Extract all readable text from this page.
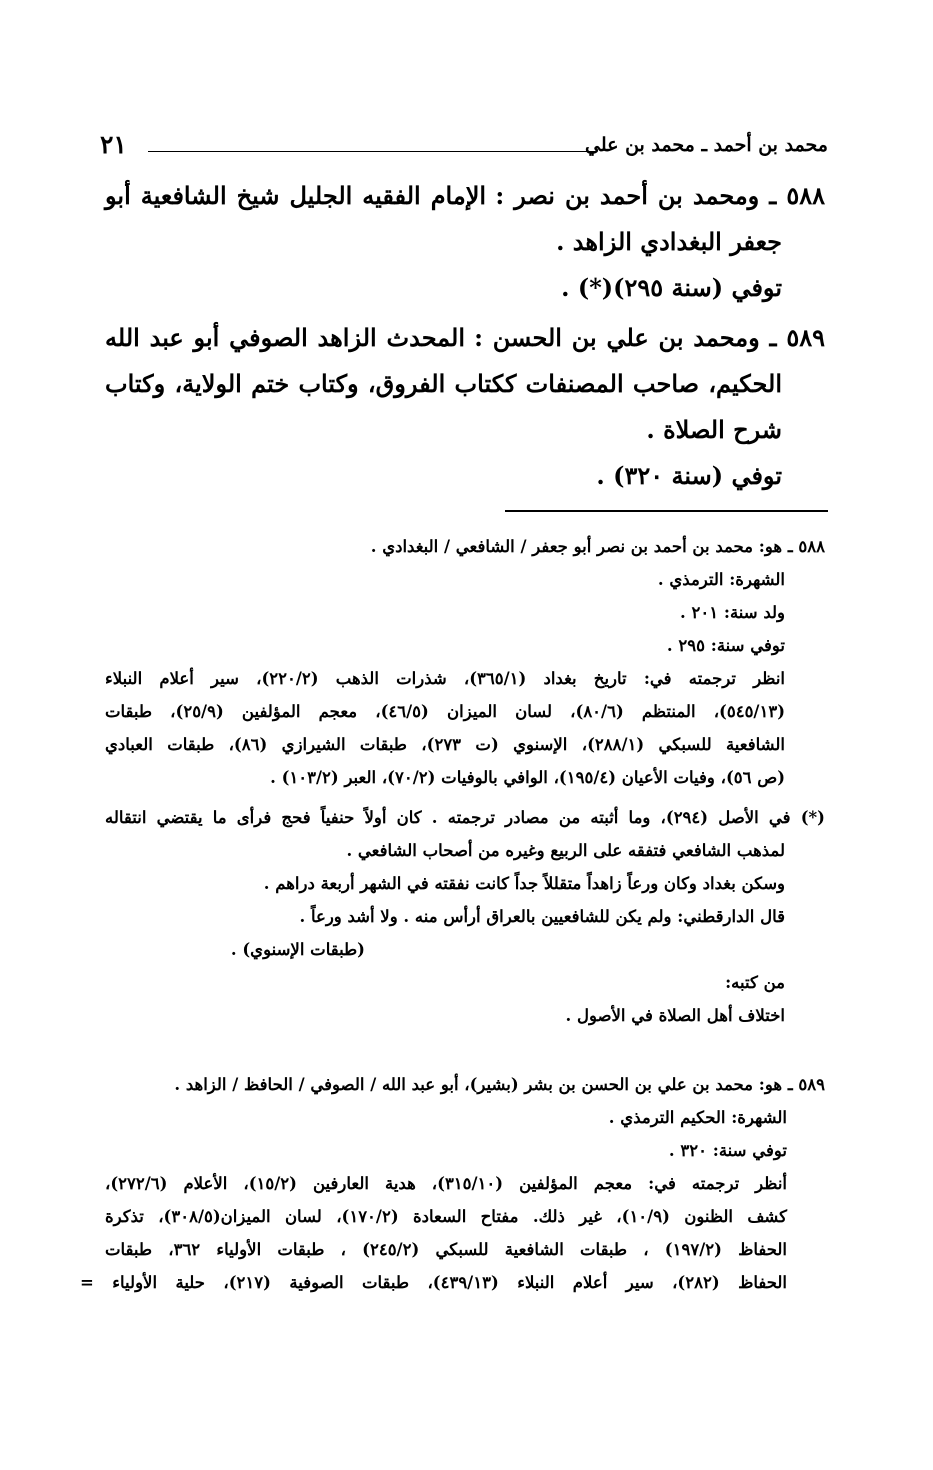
محمد بن أحمد ـ محمد بن علي
٢١
٥٨٨ ـ ومحمد بن أحمد بن نصر : الإمام الفقيه الجليل شيخ الشافعية أبو
جعفر البغدادي الزاهد .
توفي (سنة ٢٩٥)(*) .
٥٨٩ ـ ومحمد بن علي بن الحسن : المحدث الزاهد الصوفي أبو عبد الله
الحكيم، صاحب المصنفات ككتاب الفروق، وكتاب ختم الولاية، وكتاب
شرح الصلاة .
توفي (سنة ٣٢٠) .
٥٨٨ ـ هو: محمد بن أحمد بن نصر أبو جعفر / الشافعي / البغدادي .
الشهرة: الترمذي .
ولد سنة: ٢٠١ .
توفي سنة: ٢٩٥ .
انظر ترجمته في: تاريخ بغداد (٣٦٥/١)، شذرات الذهب (٢٢٠/٢)، سير أعلام النبلاء
(٥٤٥/١٣)، المنتظم (٨٠/٦)، لسان الميزان (٤٦/٥)، معجم المؤلفين (٢٥/٩)، طبقات
الشافعية للسبكي (٢٨٨/١)، الإسنوي (ت ٢٧٣)، طبقات الشيرازي (٨٦)، طبقات العبادي
(ص ٥٦)، وفيات الأعيان (١٩٥/٤)، الوافي بالوفيات (٧٠/٢)، العبر (١٠٣/٢) .
(*) في الأصل (٢٩٤)، وما أثبته من مصادر ترجمته . كان أولاً حنفياً فحج فرأى ما يقتضي انتقاله
لمذهب الشافعي فتفقه على الربيع وغيره من أصحاب الشافعي .
وسكن بغداد وكان ورعاً زاهداً متقللاً جداً كانت نفقته في الشهر أربعة دراهم .
قال الدارقطني: ولم يكن للشافعيين بالعراق أرأس منه . ولا أشد ورعاً .
(طبقات الإسنوي) .
من كتبه:
اختلاف أهل الصلاة في الأصول .
٥٨٩ ـ هو: محمد بن علي بن الحسن بن بشر (بشير)، أبو عبد الله / الصوفي / الحافظ / الزاهد .
الشهرة: الحكيم الترمذي .
توفي سنة: ٣٢٠ .
أنظر ترجمته في: معجم المؤلفين (٣١٥/١٠)، هدية العارفين (١٥/٢)، الأعلام (٢٧٢/٦)،
كشف الظنون (١٠/٩)، غير ذلك. مفتاح السعادة (١٧٠/٢)، لسان الميزان(٣٠٨/٥)، تذكرة
الحفاظ (١٩٧/٢) ، طبقات الشافعية للسبكي (٢٤٥/٢) ، طبقات الأولياء ٣٦٢، طبقات
الحفاظ (٢٨٢)، سير أعلام النبلاء (٤٣٩/١٣)، طبقات الصوفية (٢١٧)، حلية الأولياء =
